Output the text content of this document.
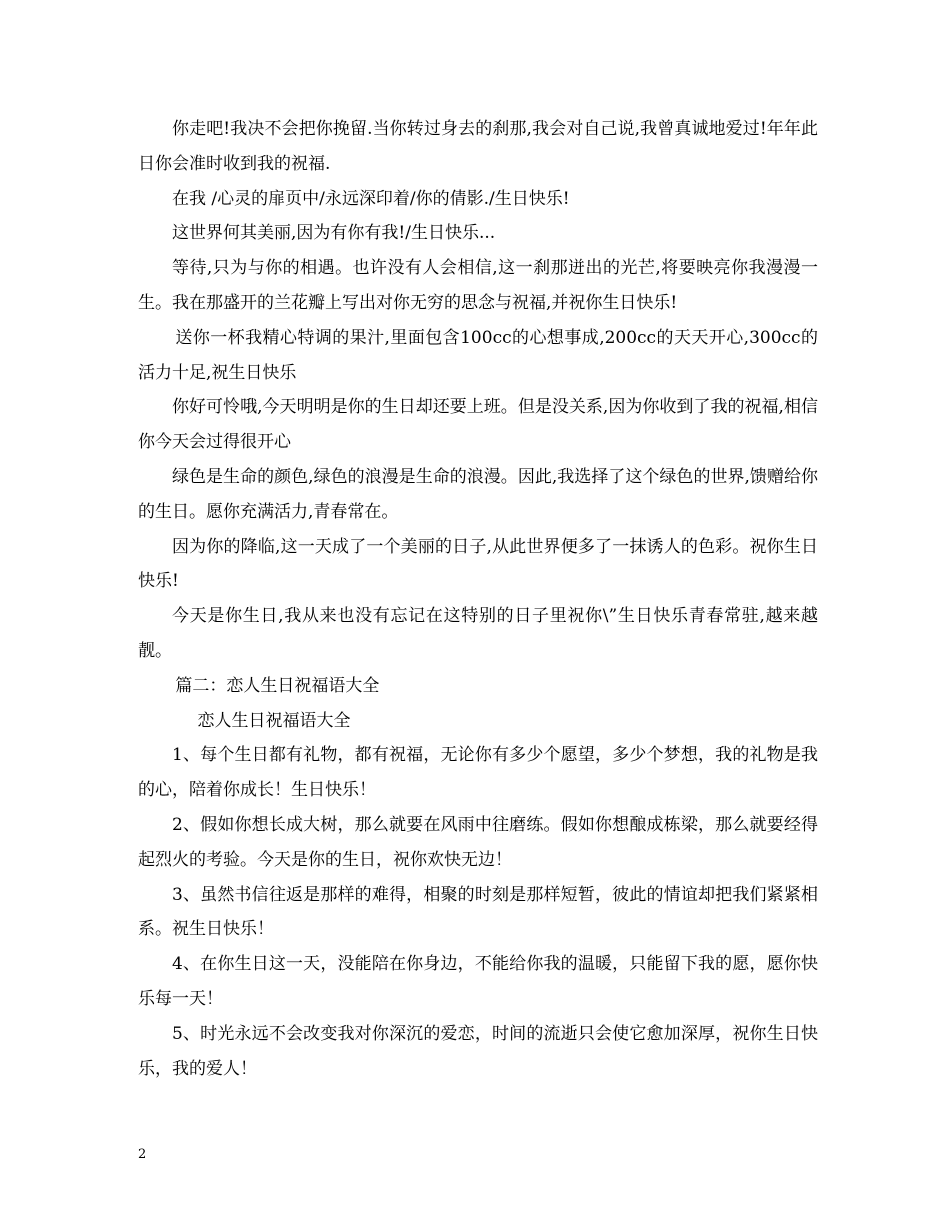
你走吧!我决不会把你挽留.当你转过身去的刹那,我会对自己说,我曾真诚地爱过!年年此日你会准时收到我的祝福.

在我 /心灵的扉页中/永远深印着/你的倩影./生日快乐!

这世界何其美丽,因为有你有我!/生日快乐...

等待,只为与你的相遇。也许没有人会相信,这一刹那迸出的光芒,将要映亮你我漫漫一生。我在那盛开的兰花瓣上写出对你无穷的思念与祝福,并祝你生日快乐!

送你一杯我精心特调的果汁,里面包含100cc的心想事成,200cc的天天开心,300cc的活力十足,祝生日快乐

你好可怜哦,今天明明是你的生日却还要上班。但是没关系,因为你收到了我的祝福,相信你今天会过得很开心

绿色是生命的颜色,绿色的浪漫是生命的浪漫。因此,我选择了这个绿色的世界,馈赠给你的生日。愿你充满活力,青春常在。

因为你的降临,这一天成了一个美丽的日子,从此世界便多了一抹诱人的色彩。祝你生日快乐!

今天是你生日,我从来也没有忘记在这特别的日子里祝你\”生日快乐青春常驻,越来越靓。

篇二：恋人生日祝福语大全

恋人生日祝福语大全

1、每个生日都有礼物，都有祝福，无论你有多少个愿望，多少个梦想，我的礼物是我的心，陪着你成长！生日快乐！

2、假如你想长成大树，那么就要在风雨中往磨练。假如你想酿成栋梁，那么就要经得起烈火的考验。今天是你的生日，祝你欢快无边！

3、虽然书信往返是那样的难得，相聚的时刻是那样短暂，彼此的情谊却把我们紧紧相系。祝生日快乐！

4、在你生日这一天，没能陪在你身边，不能给你我的温暖，只能留下我的愿，愿你快乐每一天！

5、时光永远不会改变我对你深沉的爱恋，时间的流逝只会使它愈加深厚，祝你生日快乐，我的爱人！

2
